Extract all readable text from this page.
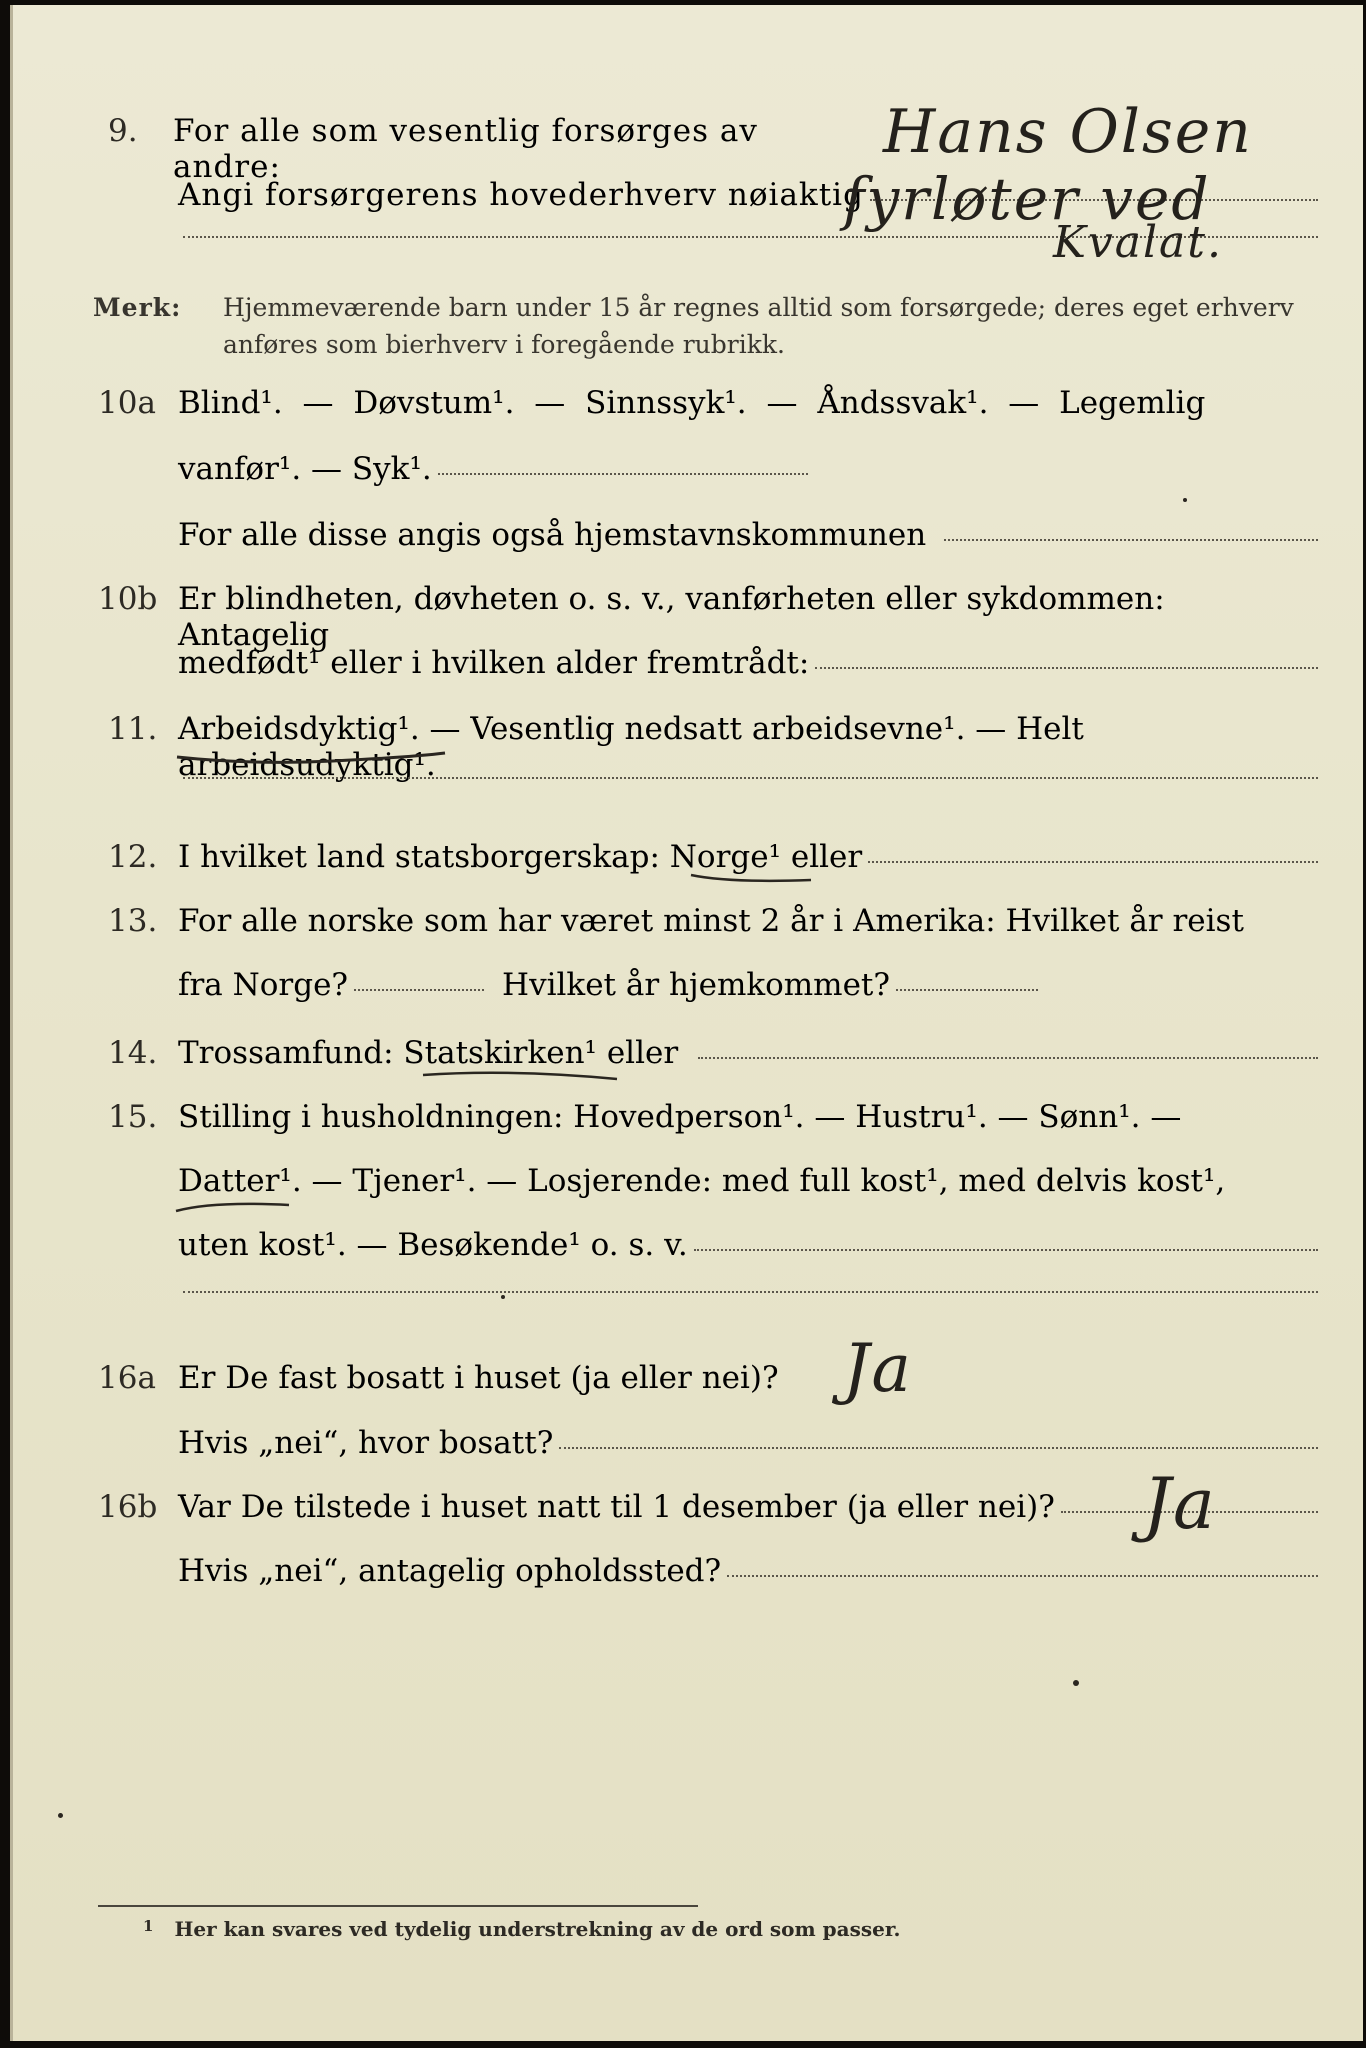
9. For alle som vesentlig forsørges av andre:
Angi forsørgerens hovederhverv nøiaktig
Hans Olsen
fyrløter ved
Kvalat.
Merk: Hjemmeværende barn under 15 år regnes alltid som forsørgede; deres eget erhverv
anføres som bierhverv i foregående rubrikk.
10a Blind¹. — Døvstum¹. — Sinnssyk¹. — Åndssvak¹. — Legemlig
vanfør¹. — Syk¹.
For alle disse angis også hjemstavnskommunen
10b Er blindheten, døvheten o. s. v., vanførheten eller sykdommen: Antagelig
medfødt¹ eller i hvilken alder fremtrådt:
11. Arbeidsdyktig¹. — Vesentlig nedsatt arbeidsevne¹. — Helt arbeidsudyktig¹.
12. I hvilket land statsborgerskap: Norge¹ eller
13. For alle norske som har været minst 2 år i Amerika: Hvilket år reist
fra Norge?	Hvilket år hjemkommet?
14. Trossamfund: Statskirken¹ eller
15. Stilling i husholdningen: Hovedperson¹. — Hustru¹. — Sønn¹. —
Datter¹. — Tjener¹. — Losjerende: med full kost¹, med delvis kost¹,
uten kost¹. — Besøkende¹ o. s. v.
16a Er De fast bosatt i huset (ja eller nei)? Ja
Hvis „nei“, hvor bosatt?
16b Var De tilstede i huset natt til 1 desember (ja eller nei)? Ja
Hvis „nei“, antagelig opholdssted?
1 Her kan svares ved tydelig understrekning av de ord som passer.
